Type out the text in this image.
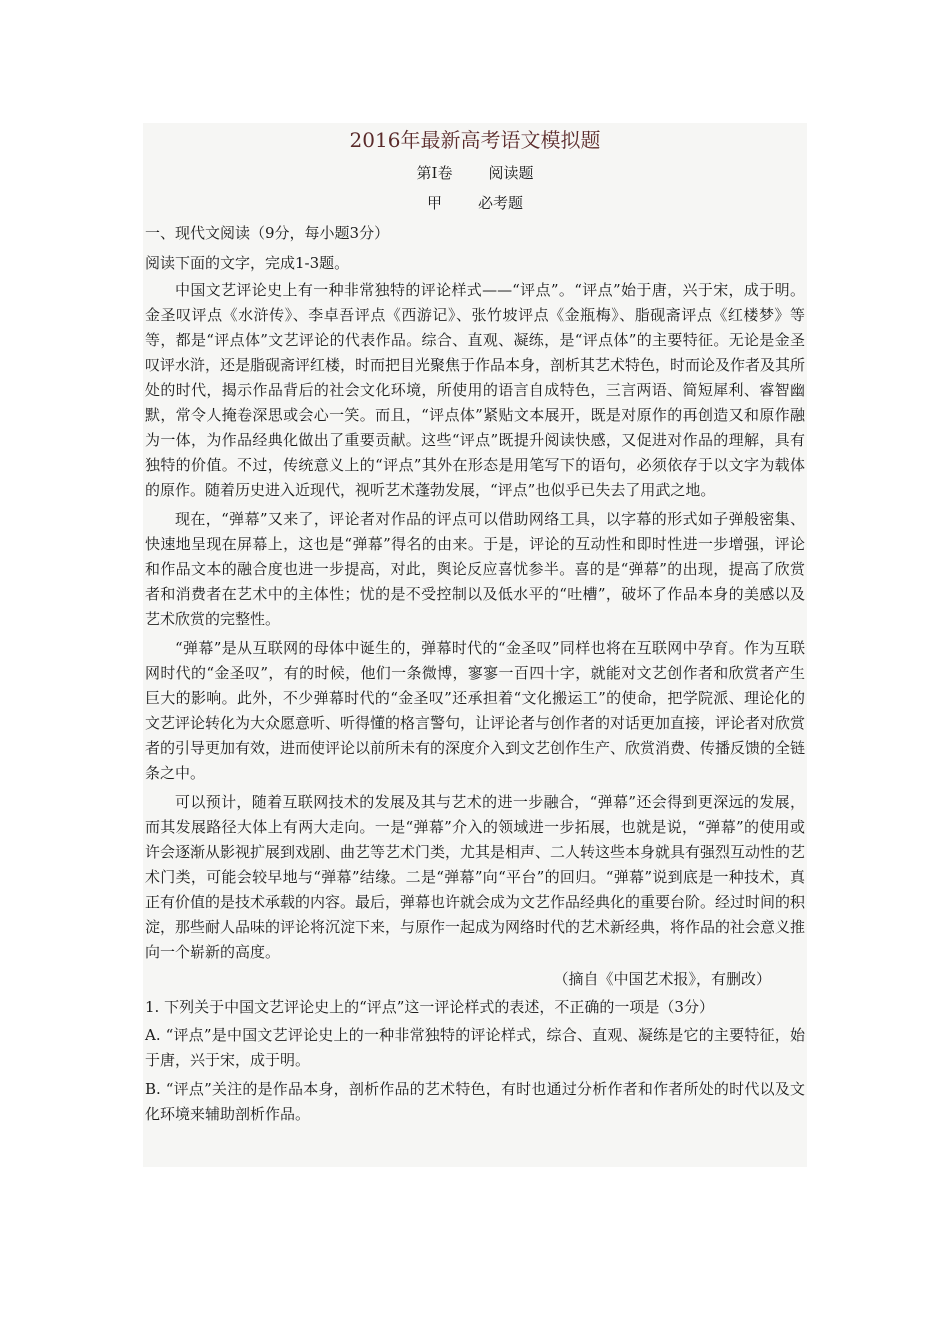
2016年最新高考语文模拟题
第Ⅰ卷 阅读题
甲 必考题
一、现代文阅读（9分，每小题3分）
阅读下面的文字，完成1-3题。

中国文艺评论史上有一种非常独特的评论样式——“评点”。“评点”始于唐，兴于宋，成于明。金圣叹评点《水浒传》、李卓吾评点《西游记》、张竹坡评点《金瓶梅》、脂砚斋评点《红楼梦》等等，都是“评点体”文艺评论的代表作品。综合、直观、凝练，是“评点体”的主要特征。无论是金圣叹评水浒，还是脂砚斋评红楼，时而把目光聚焦于作品本身，剖析其艺术特色，时而论及作者及其所处的时代，揭示作品背后的社会文化环境，所使用的语言自成特色，三言两语、简短犀利、睿智幽默，常令人掩卷深思或会心一笑。而且，“评点体”紧贴文本展开，既是对原作的再创造又和原作融为一体，为作品经典化做出了重要贡献。这些“评点”既提升阅读快感，又促进对作品的理解，具有独特的价值。不过，传统意义上的“评点”其外在形态是用笔写下的语句，必须依存于以文字为载体的原作。随着历史进入近现代，视听艺术蓬勃发展，“评点”也似乎已失去了用武之地。

现在，“弹幕”又来了，评论者对作品的评点可以借助网络工具，以字幕的形式如子弹般密集、快速地呈现在屏幕上，这也是“弹幕”得名的由来。于是，评论的互动性和即时性进一步增强，评论和作品文本的融合度也进一步提高，对此，舆论反应喜忧参半。喜的是“弹幕”的出现，提高了欣赏者和消费者在艺术中的主体性；忧的是不受控制以及低水平的“吐槽”，破坏了作品本身的美感以及艺术欣赏的完整性。

“弹幕”是从互联网的母体中诞生的，弹幕时代的“金圣叹”同样也将在互联网中孕育。作为互联网时代的“金圣叹”，有的时候，他们一条微博，寥寥一百四十字，就能对文艺创作者和欣赏者产生巨大的影响。此外，不少弹幕时代的“金圣叹”还承担着“文化搬运工”的使命，把学院派、理论化的文艺评论转化为大众愿意听、听得懂的格言警句，让评论者与创作者的对话更加直接，评论者对欣赏者的引导更加有效，进而使评论以前所未有的深度介入到文艺创作生产、欣赏消费、传播反馈的全链条之中。

可以预计，随着互联网技术的发展及其与艺术的进一步融合，“弹幕”还会得到更深远的发展，而其发展路径大体上有两大走向。一是“弹幕”介入的领域进一步拓展，也就是说，“弹幕”的使用或许会逐渐从影视扩展到戏剧、曲艺等艺术门类，尤其是相声、二人转这些本身就具有强烈互动性的艺术门类，可能会较早地与“弹幕”结缘。二是“弹幕”向“平台”的回归。“弹幕”说到底是一种技术，真正有价值的是技术承载的内容。最后，弹幕也许就会成为文艺作品经典化的重要台阶。经过时间的积淀，那些耐人品味的评论将沉淀下来，与原作一起成为网络时代的艺术新经典，将作品的社会意义推向一个崭新的高度。

（摘自《中国艺术报》，有删改）
1. 下列关于中国文艺评论史上的“评点”这一评论样式的表述，不正确的一项是（3分）
A. “评点”是中国文艺评论史上的一种非常独特的评论样式，综合、直观、凝练是它的主要特征，始于唐，兴于宋，成于明。
B. “评点”关注的是作品本身，剖析作品的艺术特色，有时也通过分析作者和作者所处的时代以及文化环境来辅助剖析作品。
